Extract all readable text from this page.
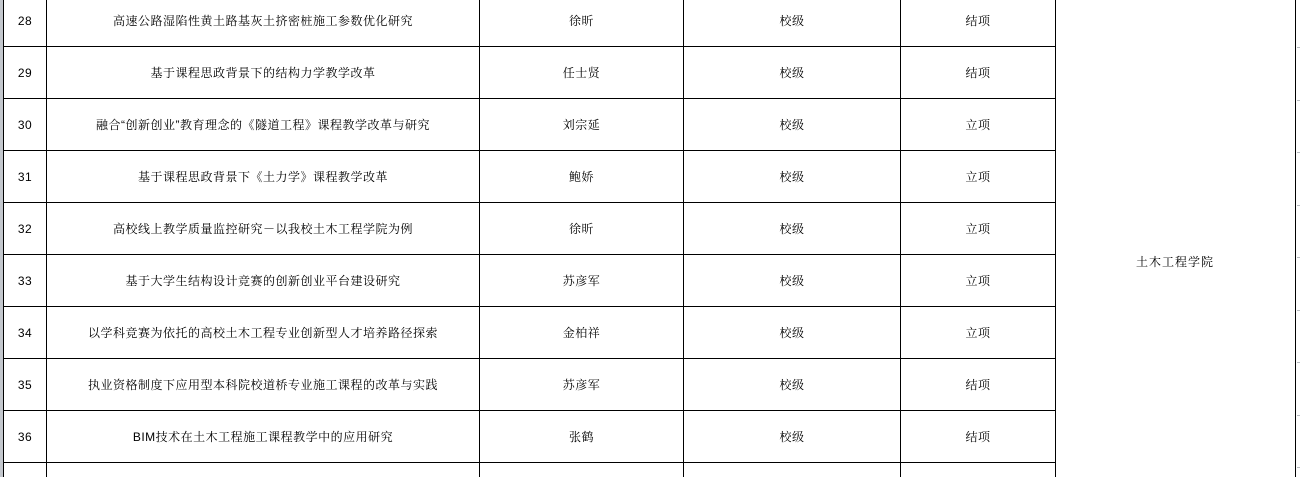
28	高速公路湿陷性黄土路基灰土挤密桩施工参数优化研究	徐昕	校级	结项
29	基于课程思政背景下的结构力学教学改革	任士贤	校级	结项
30	融合“创新创业”教育理念的《隧道工程》课程教学改革与研究	刘宗延	校级	立项
31	基于课程思政背景下《土力学》课程教学改革	鲍娇	校级	立项
32	高校线上教学质量监控研究－以我校土木工程学院为例	徐昕	校级	立项
33	基于大学生结构设计竞赛的创新创业平台建设研究	苏彦军	校级	立项
34	以学科竞赛为依托的高校土木工程专业创新型人才培养路径探索	金柏祥	校级	立项
35	执业资格制度下应用型本科院校道桥专业施工课程的改革与实践	苏彦军	校级	结项
36	BIM技术在土木工程施工课程教学中的应用研究	张鹤	校级	结项
土木工程学院
